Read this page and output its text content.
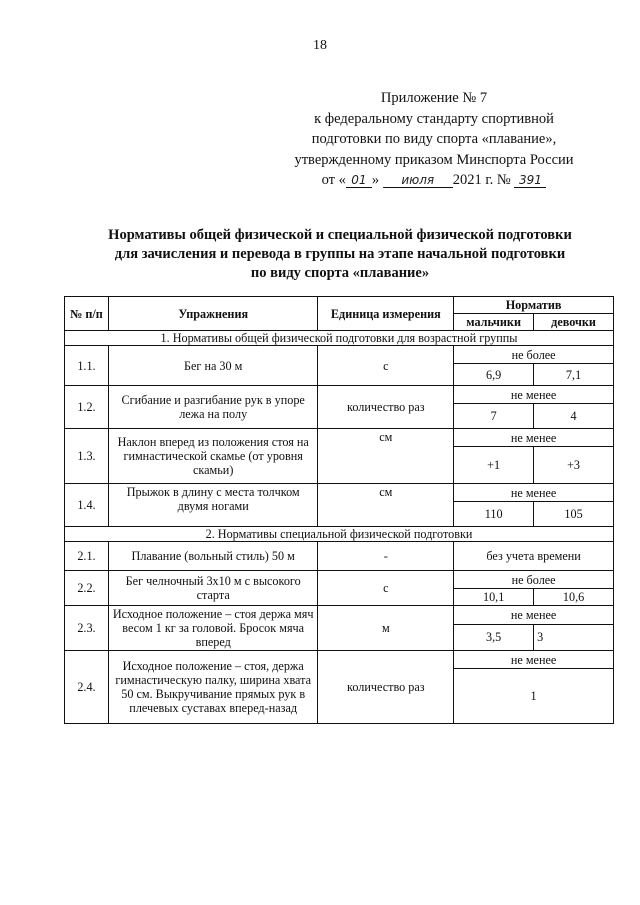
18
Приложение № 7
к федеральному стандарту спортивной
подготовки по виду спорта «плавание»,
утвержденному приказом Минспорта России
от « 01 » июля 2021 г. № 391
Нормативы общей физической и специальной физической подготовки
для зачисления и перевода в группы на этапе начальной подготовки
по виду спорта «плавание»
№ п/п	Упражнения	Единица измерения	Норматив	
			мальчики	девочки
1. Нормативы общей физической подготовки для возрастной группы				
1.1.	Бег на 30 м	с	не более	
			6,9	7,1
1.2.	Сгибание и разгибание рук в упоре лежа на полу	количество раз	не менее	
			7	4
1.3.	Наклон вперед из положения стоя на гимнастической скамье (от уровня скамьи)	см	не менее	
			+1	+3
1.4.	Прыжок в длину с места толчком двумя ногами	см	не менее	
			110	105
2. Нормативы специальной физической подготовки				
2.1.	Плавание (вольный стиль) 50 м	-	без учета времени	
2.2.	Бег челночный 3х10 м с высокого старта	с	не более	
			10,1	10,6
2.3.	Исходное положение – стоя держа мяч весом 1 кг за головой. Бросок мяча вперед	м	не менее	
			3,5	3
2.4.	Исходное положение – стоя, держа гимнастическую палку, ширина хвата 50 см. Выкручивание прямых рук в плечевых суставах вперед-назад	количество раз	не менее	
			1	
